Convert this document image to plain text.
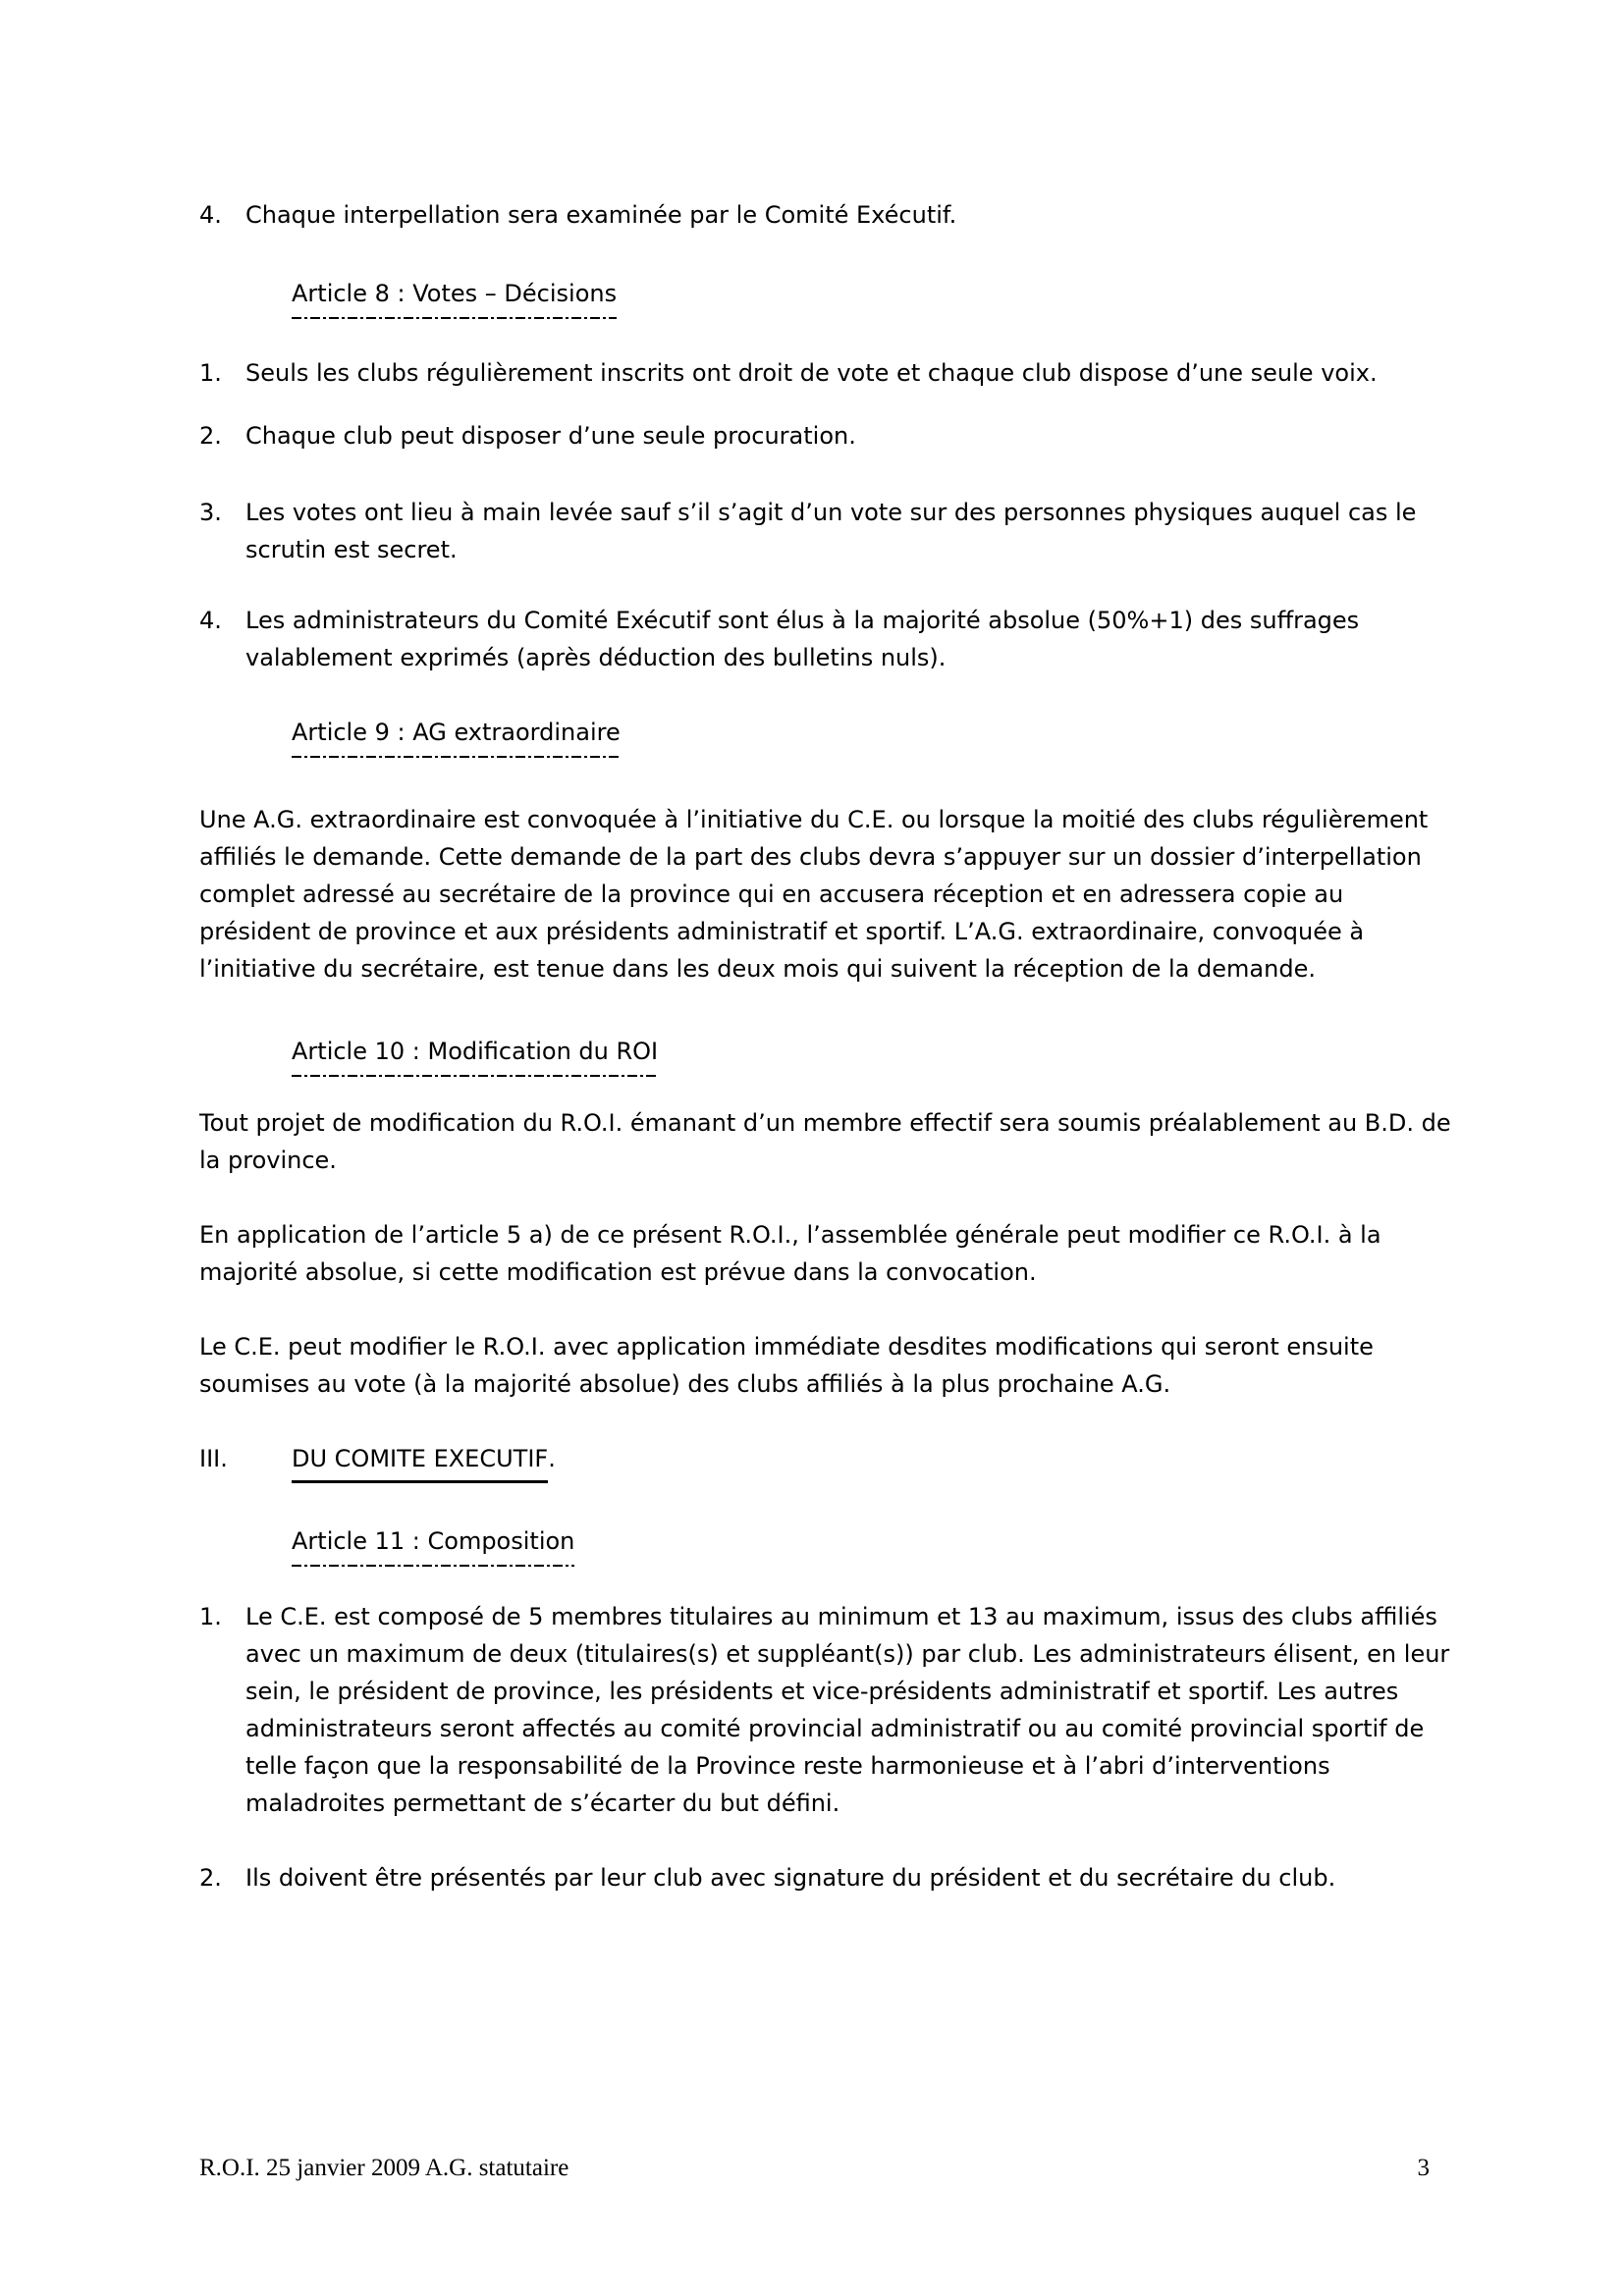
4.	Chaque interpellation sera examinée par le Comité Exécutif.
Article 8 : Votes – Décisions
1.	Seuls les clubs régulièrement inscrits ont droit de vote et chaque club dispose d’une seule voix.
2.	Chaque club peut disposer d’une seule procuration.
3.	Les votes ont lieu à main levée sauf s’il s’agit d’un vote sur des personnes physiques auquel cas le scrutin est secret.
4.	Les administrateurs du Comité Exécutif sont élus à la majorité absolue (50%+1) des suffrages valablement exprimés (après déduction des bulletins nuls).
Article 9 : AG extraordinaire
Une A.G. extraordinaire est convoquée à l’initiative du C.E. ou lorsque la moitié des clubs régulièrement affiliés le demande. Cette demande de la part des clubs devra s’appuyer sur un dossier d’interpellation complet adressé au secrétaire de la province qui en accusera réception et en adressera copie au président de province et aux présidents administratif et sportif. L’A.G. extraordinaire, convoquée à l’initiative du secrétaire, est tenue dans les deux mois qui suivent la réception de la demande.
Article 10 : Modification du ROI
Tout projet de modification du R.O.I. émanant d’un membre effectif sera soumis préalablement au B.D. de la province.
En application de l’article 5 a) de ce présent R.O.I., l’assemblée générale peut modifier ce R.O.I. à la majorité absolue, si cette modification est prévue dans la convocation.
Le C.E. peut modifier le R.O.I. avec application immédiate desdites modifications qui seront ensuite soumises au vote (à la majorité absolue) des clubs affiliés à la plus prochaine A.G.
III.	DU COMITE EXECUTIF.
Article 11 : Composition
1.	Le C.E. est composé de 5 membres titulaires au minimum et 13 au maximum, issus des clubs affiliés avec un maximum de deux (titulaires(s) et suppléant(s)) par club. Les administrateurs élisent, en leur sein, le président de province, les présidents et vice-présidents administratif et sportif. Les autres administrateurs seront affectés au comité provincial administratif ou au comité provincial sportif de telle façon que la responsabilité de la Province reste harmonieuse et à l’abri d’interventions maladroites permettant de s’écarter du but défini.
2.	Ils doivent être présentés par leur club avec signature du président et du secrétaire du club.
R.O.I. 25 janvier 2009 A.G. statutaire	3
